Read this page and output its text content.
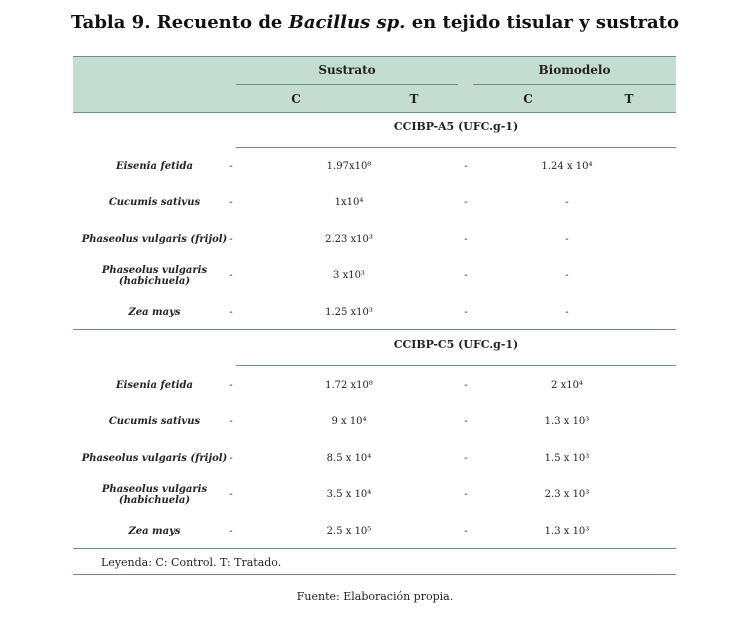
Tabla 9. Recuento de Bacillus sp. en tejido tisular y sustrato
Sustrato	Biomodelo
C	T	C	T
CCIBP-A5 (UFC.g-1)
Eisenia fetida	-	1.97x10⁸	-	1.24 x 10⁴
Cucumis sativus	-	1x10⁴	-	-
Phaseolus vulgaris (frijol) -	2.23 x10³	-	-
Phaseolus vulgaris (habichuela)	-	3 x10³	-	-
Zea mays	-	1.25 x10³	-	-
CCIBP-C5 (UFC.g-1)
Eisenia fetida	-	1.72 x10⁸	-	2 x10⁴
Cucumis sativus	-	9 x 10⁴	-	1.3 x 10³
Phaseolus vulgaris (frijol) -	8.5 x 10⁴	-	1.5 x 10³
Phaseolus vulgaris (habichuela)	-	3.5 x 10⁴	-	2.3 x 10³
Zea mays	-	2.5 x 10⁵	-	1.3 x 10³
Leyenda: C: Control. T: Tratado.
Fuente: Elaboración propia.
